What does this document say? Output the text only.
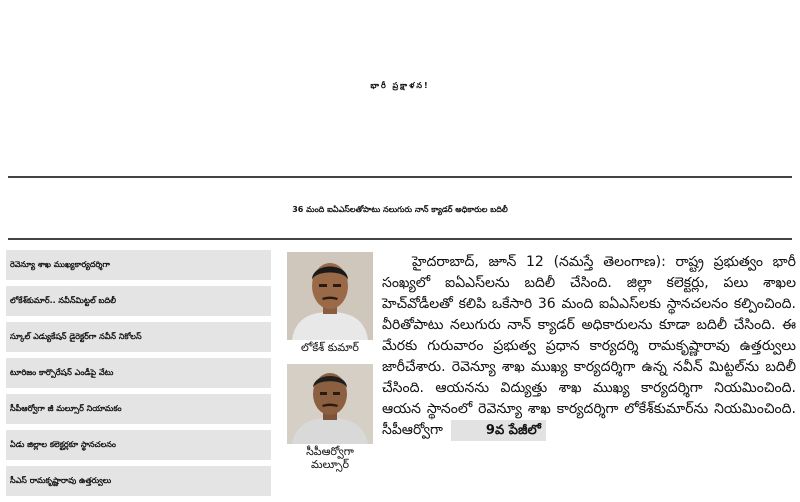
భారీ ప్రక్షాళన!
36 మంది ఐఏఎస్‌లతోపాటు నలుగురు నాన్ క్యాడర్ అధికారుల బదిలీ
రెవెన్యూ శాఖ ముఖ్యకార్యదర్శిగా
లోకేశ్‌కుమార్.. నవీన్‌మిట్టల్ బదిలీ
స్కూల్ ఎడ్యుకేషన్ డైరెక్టర్‌గా నవీన్ నికోలస్
టూరిజం కార్పొరేషన్ ఎండీపై వేటు
సీపీఆర్వోగా జీ మల్సూర్ నియామకం
ఏడు జిల్లాల కలెక్టర్లకూ స్థానచలనం
సీఎస్ రామకృష్ణారావు ఉత్తర్వులు
లోకేశ్ కుమార్
సీపీఆర్వోగా
మల్సూర్

హైదరాబాద్, జూన్ 12 (నమస్తే తెలంగాణ): రాష్ట్ర ప్రభుత్వం భారీ సంఖ్యలో ఐఏఎస్‌లను బదిలీ చేసింది. జిల్లా కలెక్టర్లు, పలు శాఖల హెచ్‌వోడీలతో కలిపి ఒకేసారి 36 మంది ఐఏఎస్‌లకు స్థానచలనం కల్పించింది. వీరితోపాటు నలుగురు నాన్ క్యాడర్ అధికారులను కూడా బదిలీ చేసింది. ఈ మేరకు గురువారం ప్రభుత్వ ప్రధాన కార్యదర్శి రామకృష్ణారావు ఉత్తర్వులు జారీచేశారు. రెవెన్యూ శాఖ ముఖ్య కార్యదర్శిగా ఉన్న నవీన్ మిట్టల్‌ను బదిలీ చేసింది. ఆయనను విద్యుత్తు శాఖ ముఖ్య కార్యదర్శిగా నియమించింది. ఆయన స్థానంలో రెవెన్యూ శాఖ కార్యదర్శిగా లోకేశ్‌కుమార్‌ను నియమించింది. సీపీఆర్వోగా	9వ పేజీలో
